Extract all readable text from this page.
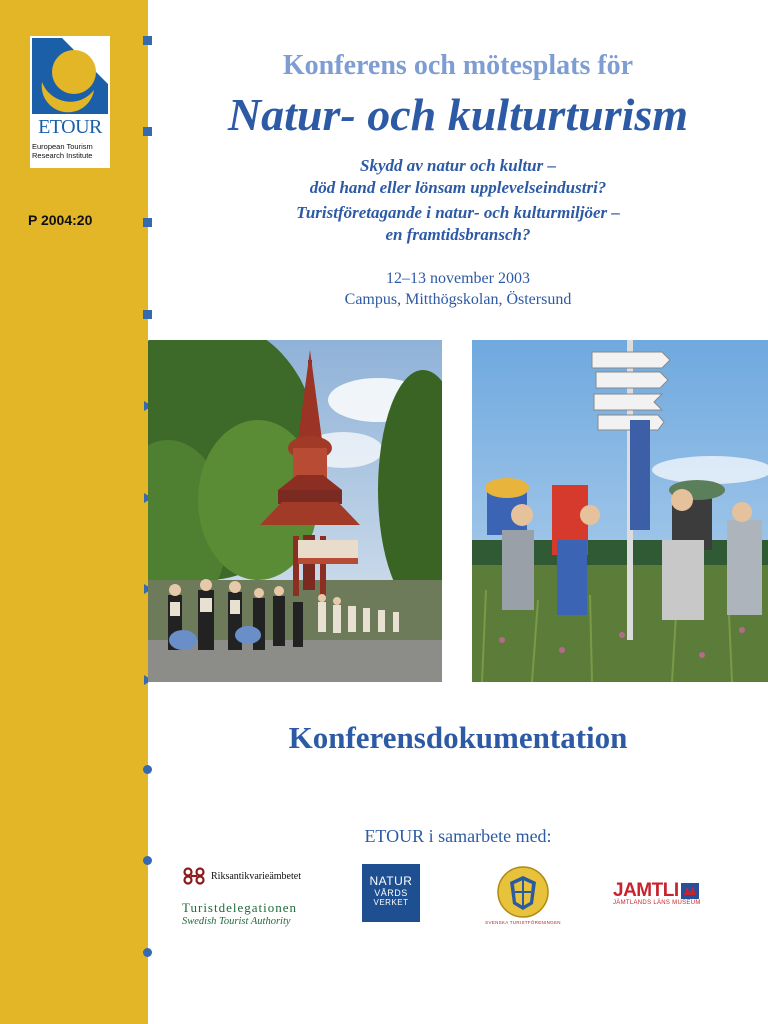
ETOUR
European Tourism
Research Institute
P 2004:20
Konferens och mötesplats för
Natur- och kulturturism
Skydd av natur och kultur –
död hand eller lönsam upplevelseindustri?
Turistföretagande i natur- och kulturmiljöer –
en framtidsbransch?
12–13 november 2003
Campus, Mitthögskolan, Östersund
Konferensdokumentation
ETOUR i samarbete med:
Riksantikvarieämbetet
Turistdelegationen
Swedish Tourist Authority
NATUR
VÅRDS
VERKET
SVENSKA TURISTFÖRENINGEN
JAMTLI
JÄMTLANDS LÄNS MUSEUM
